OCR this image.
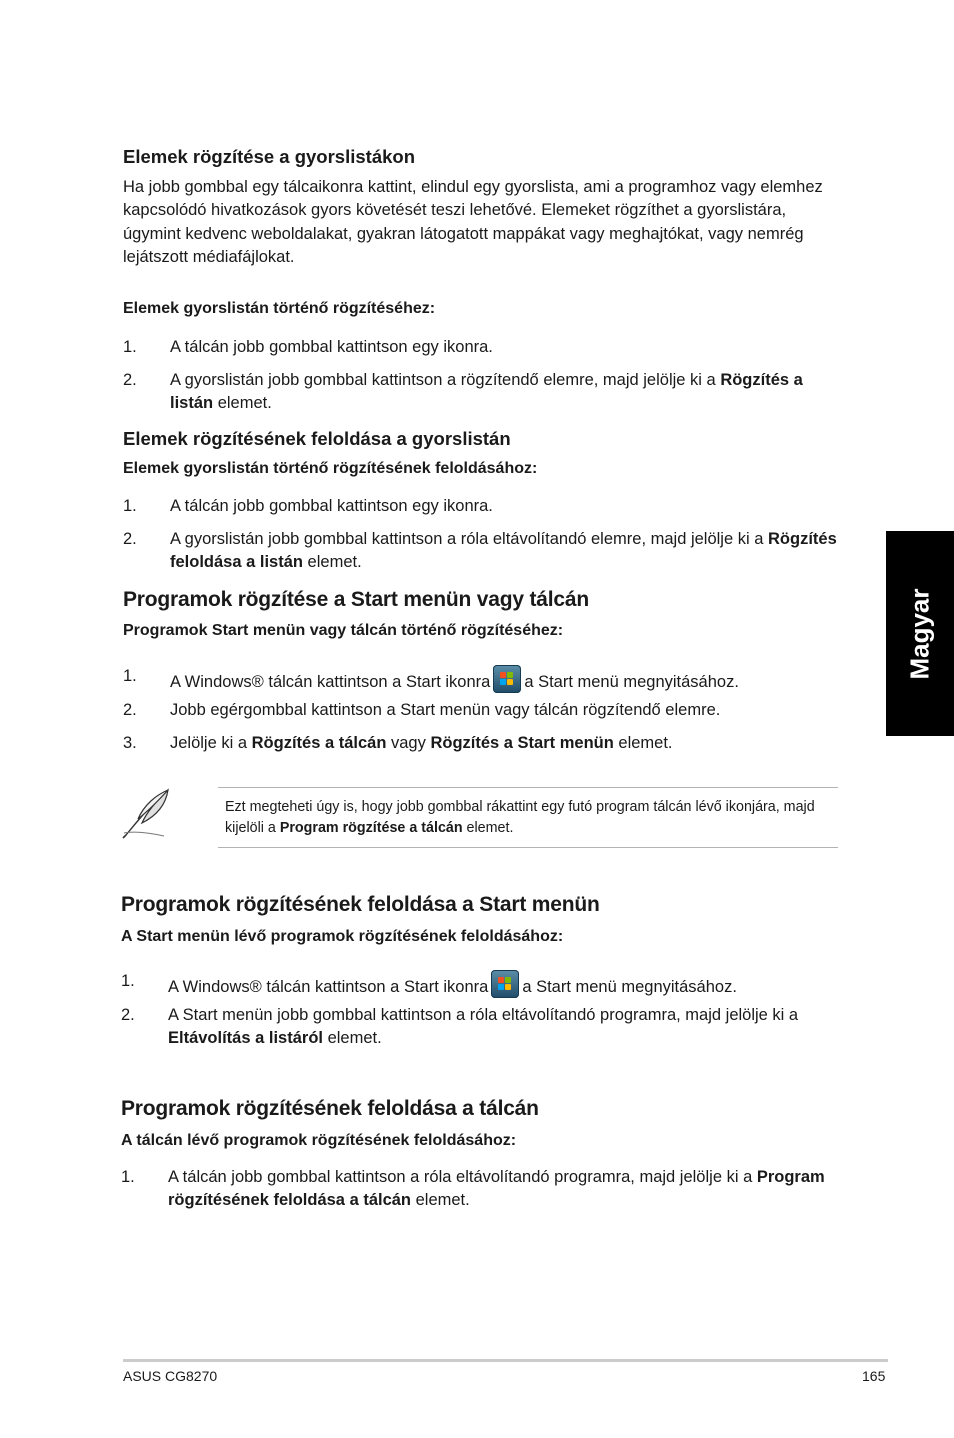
Elemek rögzítése a gyorslistákon
Ha jobb gombbal egy tálcaikonra kattint, elindul egy gyorslista, ami a programhoz vagy elemhez kapcsolódó hivatkozások gyors követését teszi lehetővé. Elemeket rögzíthet a gyorslistára, úgymint kedvenc weboldalakat, gyakran látogatott mappákat vagy meghajtókat, vagy nemrég lejátszott médiafájlokat.
Elemek gyorslistán történő rögzítéséhez:
1. A tálcán jobb gombbal kattintson egy ikonra.
2. A gyorslistán jobb gombbal kattintson a rögzítendő elemre, majd jelölje ki a Rögzítés a listán elemet.
Elemek rögzítésének feloldása a gyorslistán
Elemek gyorslistán történő rögzítésének feloldásához:
1. A tálcán jobb gombbal kattintson egy ikonra.
2. A gyorslistán jobb gombbal kattintson a róla eltávolítandó elemre, majd jelölje ki a Rögzítés feloldása a listán elemet.
Programok rögzítése a Start menün vagy tálcán
Programok Start menün vagy tálcán történő rögzítéséhez:
1. A Windows® tálcán kattintson a Start ikonra a Start menü megnyitásához.
2. Jobb egérgombbal kattintson a Start menün vagy tálcán rögzítendő elemre.
3. Jelölje ki a Rögzítés a tálcán vagy Rögzítés a Start menün elemet.
Ezt megteheti úgy is, hogy jobb gombbal rákattint egy futó program tálcán lévő ikonjára, majd kijelöli a Program rögzítése a tálcán elemet.
Programok rögzítésének feloldása a Start menün
A Start menün lévő programok rögzítésének feloldásához:
1. A Windows® tálcán kattintson a Start ikonra a Start menü megnyitásához.
2. A Start menün jobb gombbal kattintson a róla eltávolítandó programra, majd jelölje ki a Eltávolítás a listáról elemet.
Programok rögzítésének feloldása a tálcán
A tálcán lévő programok rögzítésének feloldásához:
1. A tálcán jobb gombbal kattintson a róla eltávolítandó programra, majd jelölje ki a Program rögzítésének feloldása a tálcán elemet.
Magyar
ASUS CG8270	165
